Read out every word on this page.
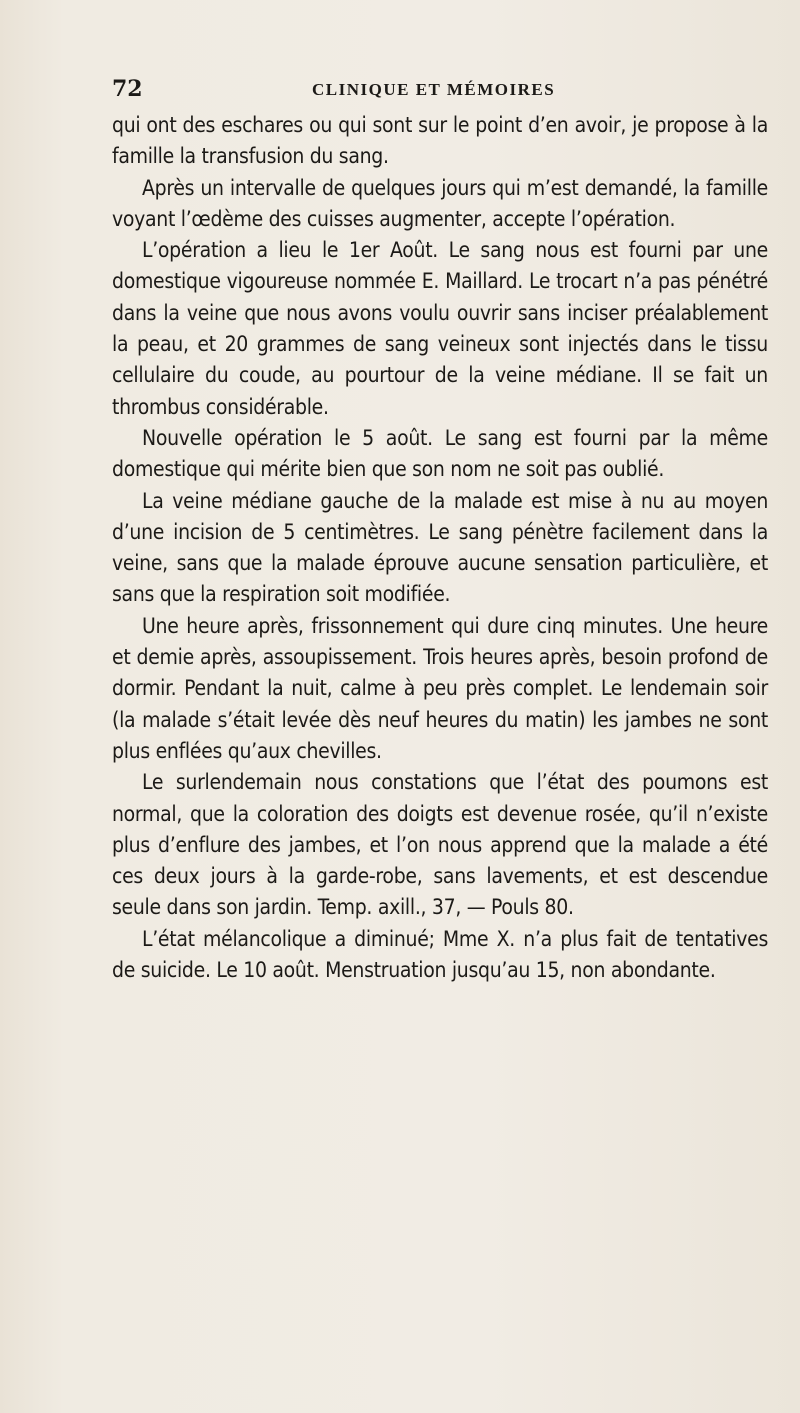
72	CLINIQUE ET MÉMOIRES

qui ont des eschares ou qui sont sur le point d’en avoir, je propose à la famille la transfusion du sang.

Après un intervalle de quelques jours qui m’est demandé, la famille voyant l’œdème des cuisses augmenter, accepte l’opération.

L’opération a lieu le 1er Août. Le sang nous est fourni par une domestique vigoureuse nommée E. Maillard. Le trocart n’a pas pénétré dans la veine que nous avons voulu ouvrir sans inciser préalablement la peau, et 20 grammes de sang veineux sont injectés dans le tissu cellulaire du coude, au pourtour de la veine médiane. Il se fait un thrombus considérable.

Nouvelle opération le 5 août. Le sang est fourni par la même domestique qui mérite bien que son nom ne soit pas oublié.

La veine médiane gauche de la malade est mise à nu au moyen d’une incision de 5 centimètres. Le sang pénètre facilement dans la veine, sans que la malade éprouve aucune sensation particulière, et sans que la respiration soit modifiée.

Une heure après, frissonnement qui dure cinq minutes. Une heure et demie après, assoupissement. Trois heures après, besoin profond de dormir. Pendant la nuit, calme à peu près complet. Le lendemain soir (la malade s’était levée dès neuf heures du matin) les jambes ne sont plus enflées qu’aux chevilles.

Le surlendemain nous constations que l’état des poumons est normal, que la coloration des doigts est devenue rosée, qu’il n’existe plus d’enflure des jambes, et l’on nous apprend que la malade a été ces deux jours à la garde-robe, sans lavements, et est descendue seule dans son jardin. Temp. axill., 37, — Pouls 80.

L’état mélancolique a diminué; Mme X. n’a plus fait de tentatives de suicide. Le 10 août. Menstruation jusqu’au 15, non abondante.
